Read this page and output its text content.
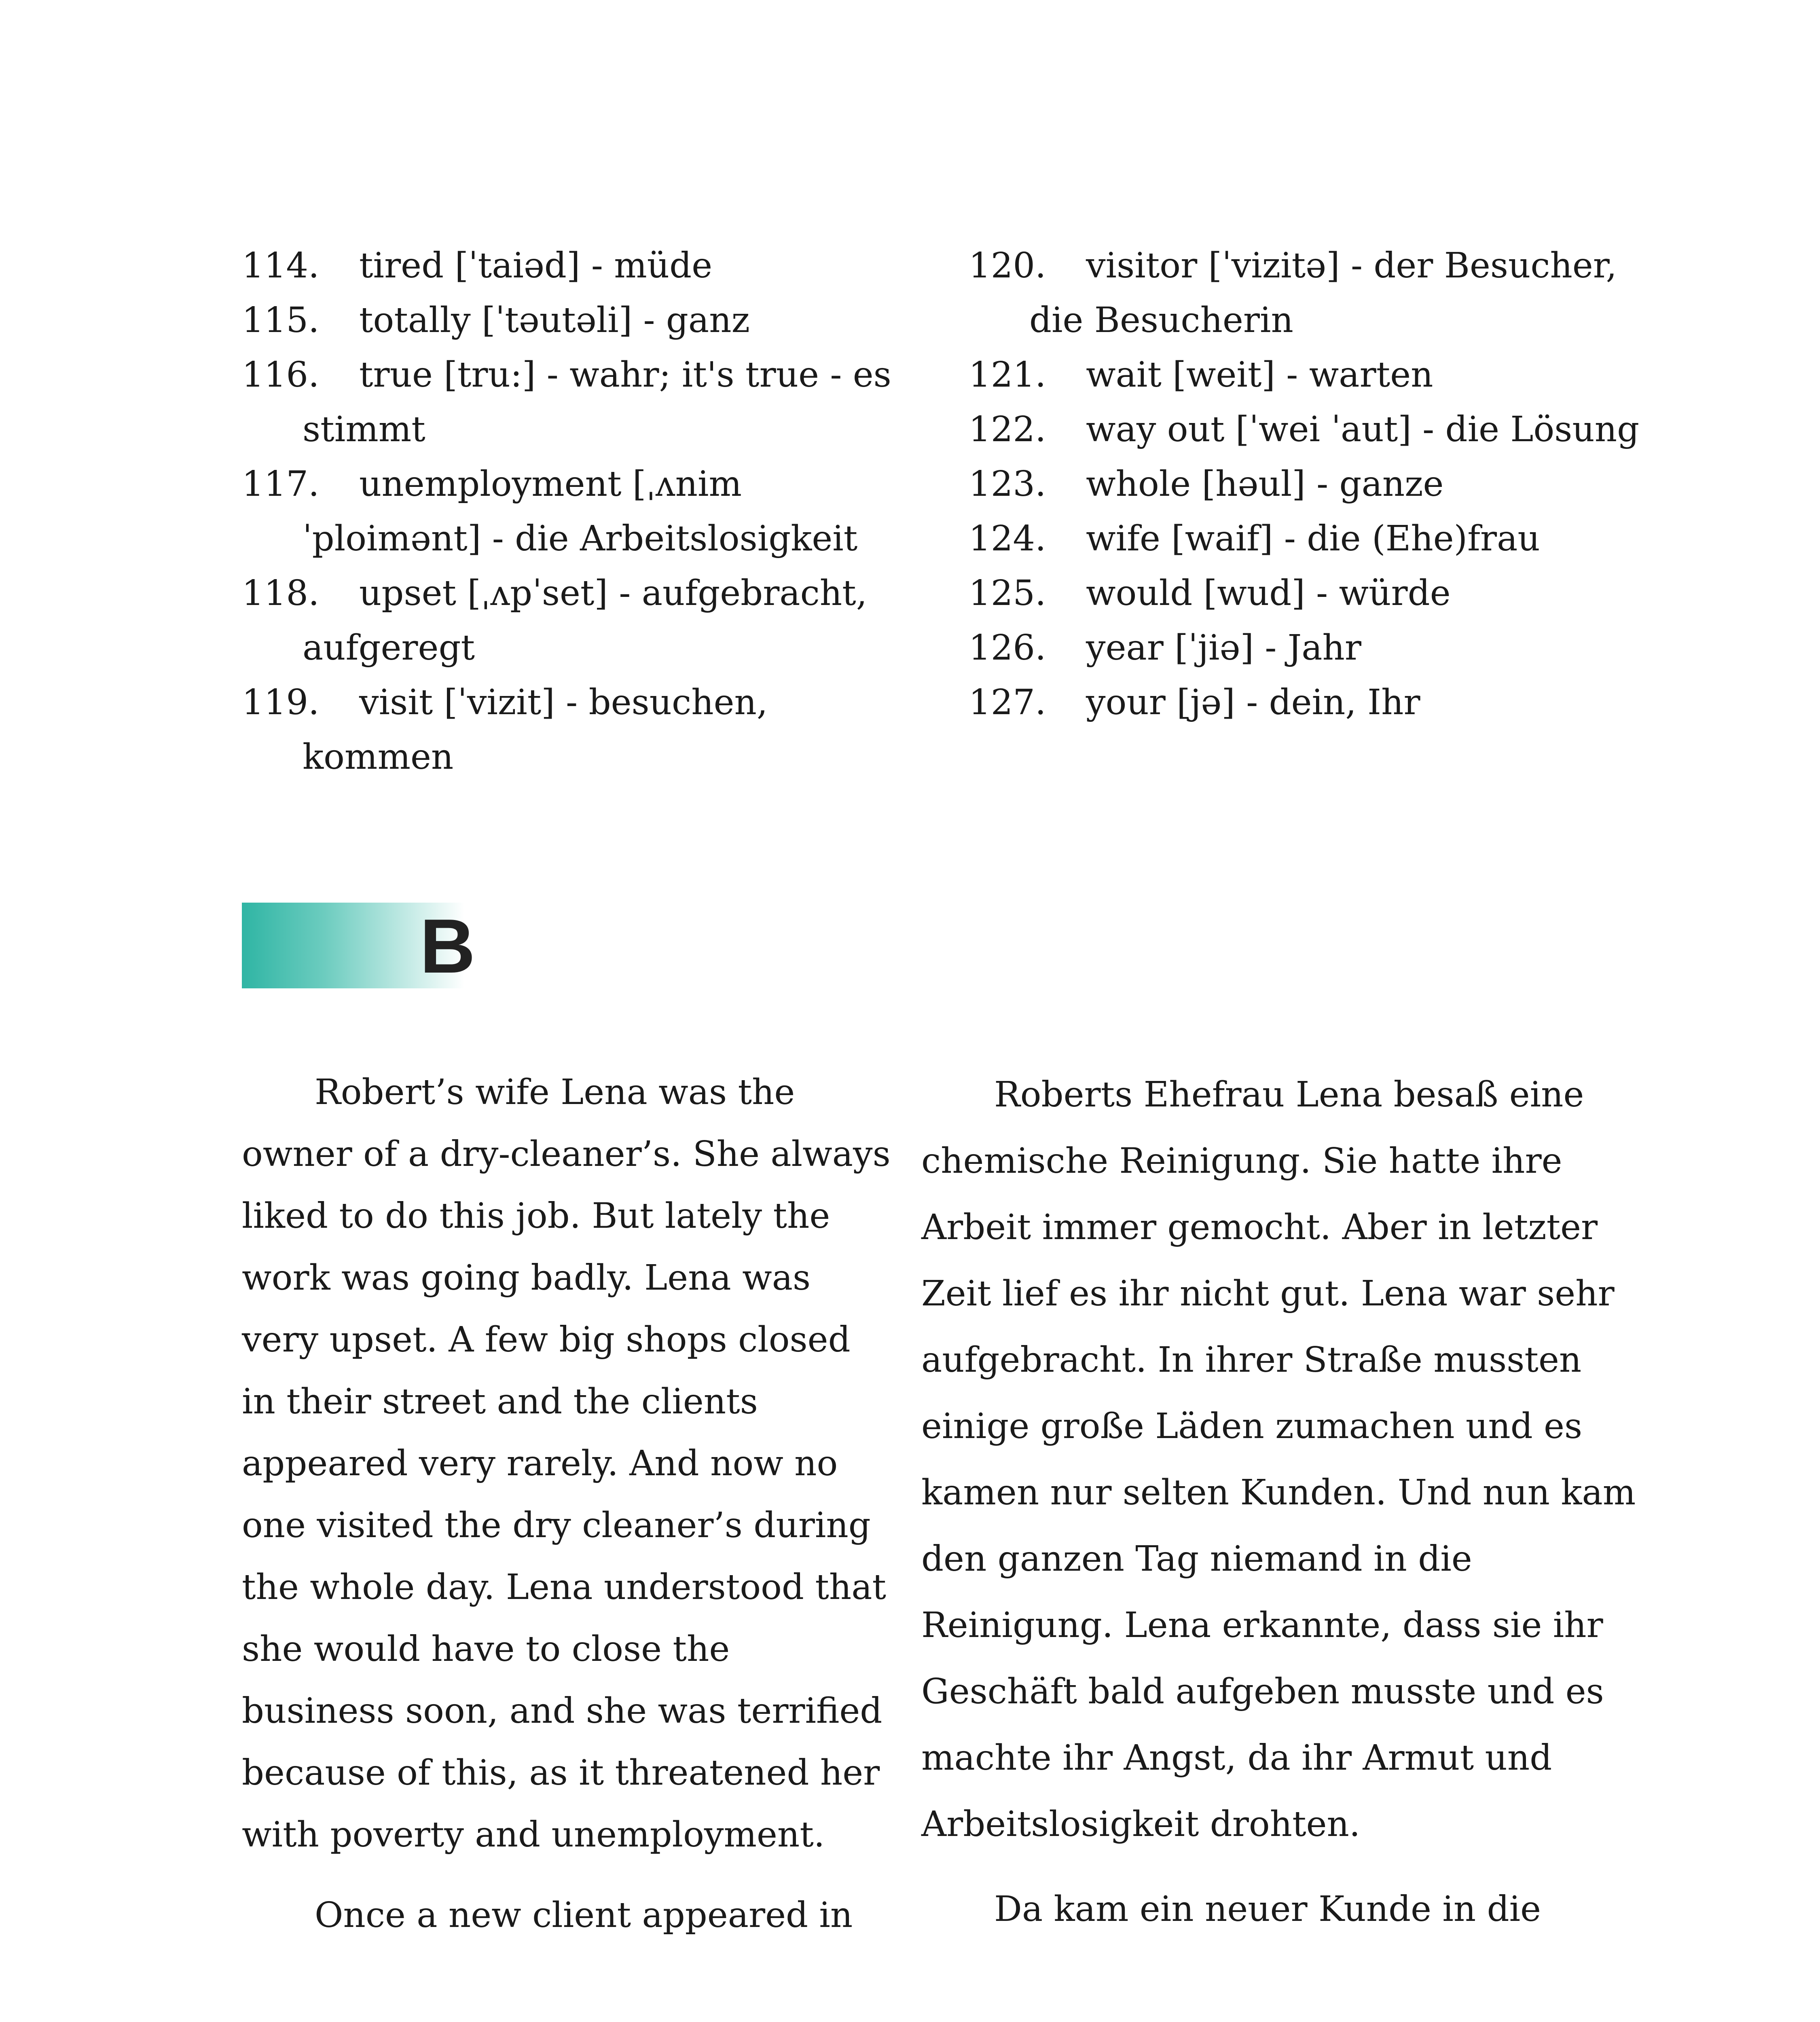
114. tired [ˈtaiəd] - müde
115. totally [ˈtəutəli] - ganz
116. true [tru:] - wahr; it's true - es stimmt
117. unemployment [ˌʌnimˈploimənt] - die Arbeitslosigkeit
118. upset [ˌʌpˈset] - aufgebracht, aufgeregt
119. visit [ˈvizit] - besuchen, kommen
120. visitor [ˈvizitə] - der Besucher, die Besucherin
121. wait [weit] - warten
122. way out [ˈwei ˈaut] - die Lösung
123. whole [həul] - ganze
124. wife [waif] - die (Ehe)frau
125. would [wud] - würde
126. year [ˈjiə] - Jahr
127. your [jə] - dein, Ihr
B

Robert’s wife Lena was the owner of a dry-cleaner’s. She always liked to do this job. But lately the work was going badly. Lena was very upset. A few big shops closed in their street and the clients appeared very rarely. And now no one visited the dry cleaner’s during the whole day. Lena understood that she would have to close the business soon, and she was terrified because of this, as it threatened her with poverty and unemployment.

Once a new client appeared in

Roberts Ehefrau Lena besaß eine chemische Reinigung. Sie hatte ihre Arbeit immer gemocht. Aber in letzter Zeit lief es ihr nicht gut. Lena war sehr aufgebracht. In ihrer Straße mussten einige große Läden zumachen und es kamen nur selten Kunden. Und nun kam den ganzen Tag niemand in die Reinigung. Lena erkannte, dass sie ihr Geschäft bald aufgeben musste und es machte ihr Angst, da ihr Armut und Arbeitslosigkeit drohten.

Da kam ein neuer Kunde in die
